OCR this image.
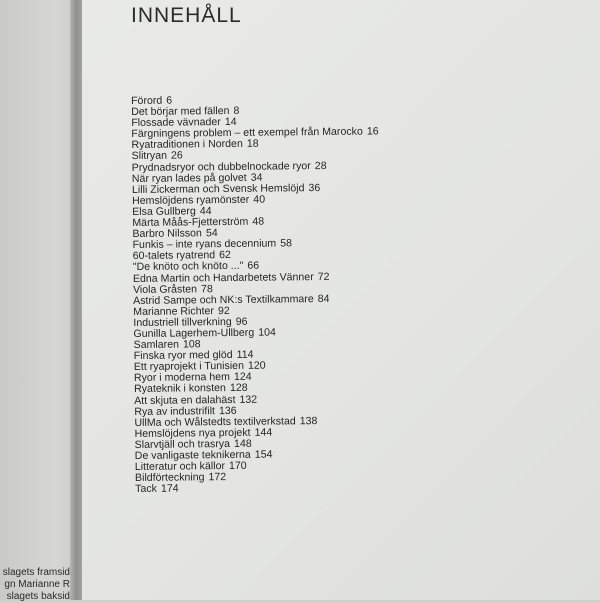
slagets framsid
gn Marianne R
slagets baksid
INNEHÅLL
Förord 6
Det börjar med fällen 8
Flossade vävnader 14
Färgningens problem – ett exempel från Marocko 16
Ryatraditionen i Norden 18
Slitryan 26
Prydnadsryor och dubbelnockade ryor 28
När ryan lades på golvet 34
Lilli Zickerman och Svensk Hemslöjd 36
Hemslöjdens ryamönster 40
Elsa Gullberg 44
Märta Måås-Fjetterström 48
Barbro Nilsson 54
Funkis – inte ryans decennium 58
60-talets ryatrend 62
"De knöto och knöto ..." 66
Edna Martin och Handarbetets Vänner 72
Viola Gråsten 78
Astrid Sampe och NK:s Textilkammare 84
Marianne Richter 92
Industriell tillverkning 96
Gunilla Lagerhem-Ullberg 104
Samlaren 108
Finska ryor med glöd 114
Ett ryaprojekt i Tunisien 120
Ryor i moderna hem 124
Ryateknik i konsten 128
Att skjuta en dalahäst 132
Rya av industrifilt 136
UllMa och Wålstedts textilverkstad 138
Hemslöjdens nya projekt 144
Slarvtjäll och trasrya 148
De vanligaste teknikerna 154
Litteratur och källor 170
Bildförteckning 172
Tack 174
